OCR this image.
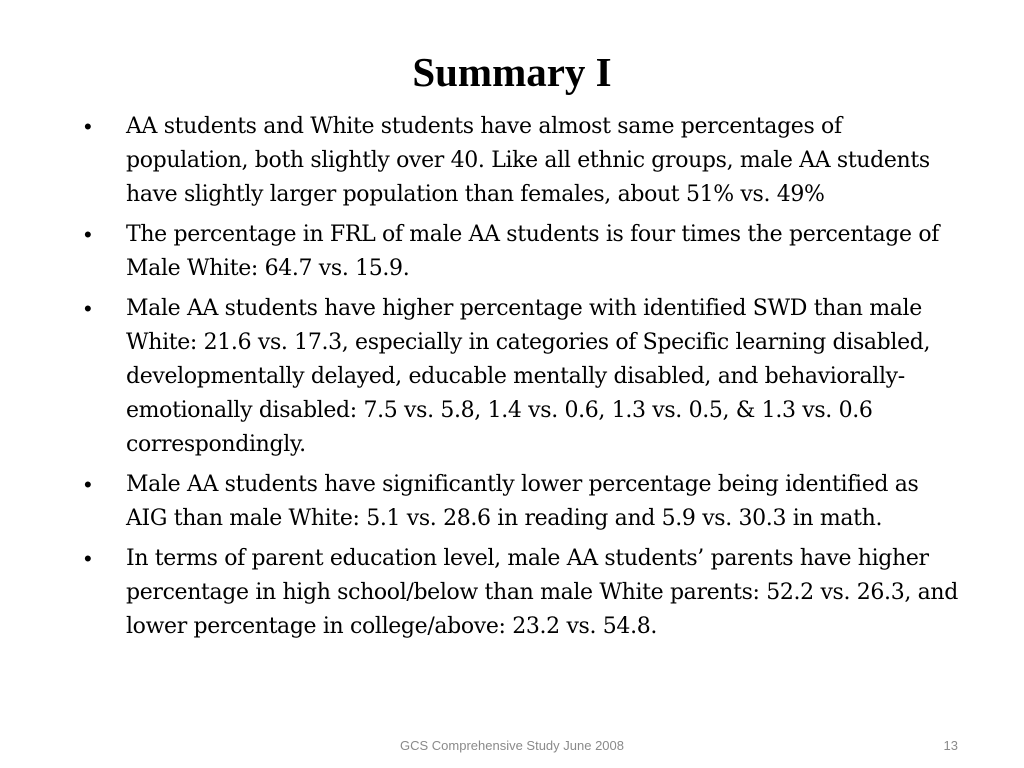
Summary I
• AA students and White students have almost same percentages of population, both slightly over 40. Like all ethnic groups, male AA students have slightly larger population than females, about 51% vs. 49%
• The percentage in FRL of male AA students is four times the percentage of Male White: 64.7 vs. 15.9.
• Male AA students have higher percentage with identified SWD than male White: 21.6 vs. 17.3, especially in categories of Specific learning disabled, developmentally delayed, educable mentally disabled, and behaviorally-emotionally disabled: 7.5 vs. 5.8, 1.4 vs. 0.6, 1.3 vs. 0.5, & 1.3 vs. 0.6 correspondingly.
• Male AA students have significantly lower percentage being identified as AIG than male White: 5.1 vs. 28.6 in reading and 5.9 vs. 30.3 in math.
• In terms of parent education level, male AA students’ parents have higher percentage in high school/below than male White parents: 52.2 vs. 26.3, and lower percentage in college/above: 23.2 vs. 54.8.
GCS Comprehensive Study June 2008	13
